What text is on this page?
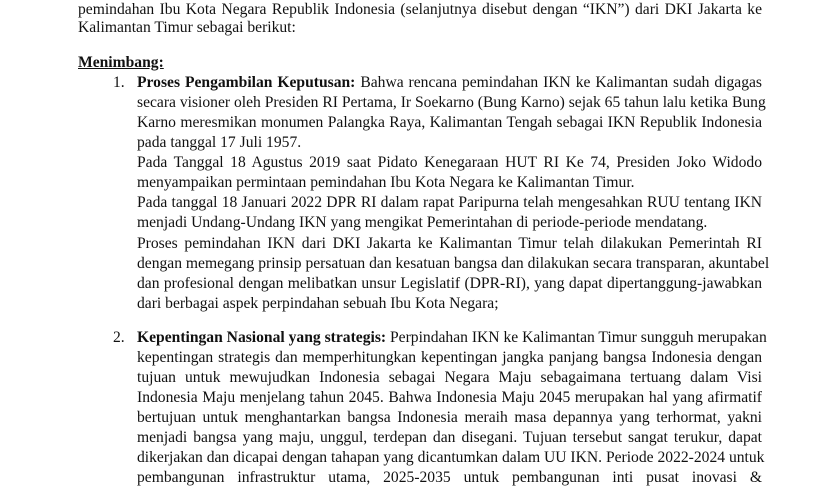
pemindahan Ibu Kota Negara Republik Indonesia (selanjutnya disebut dengan “IKN”) dari DKI Jakarta ke
Kalimantan Timur sebagai berikut:
Menimbang:
1. Proses Pengambilan Keputusan: Bahwa rencana pemindahan IKN ke Kalimantan sudah digagas
secara visioner oleh Presiden RI Pertama, Ir Soekarno (Bung Karno) sejak 65 tahun lalu ketika Bung
Karno meresmikan monumen Palangka Raya, Kalimantan Tengah sebagai IKN Republik Indonesia
pada tanggal 17 Juli 1957.
Pada Tanggal 18 Agustus 2019 saat Pidato Kenegaraan HUT RI Ke 74, Presiden Joko Widodo
menyampaikan permintaan pemindahan Ibu Kota Negara ke Kalimantan Timur.
Pada tanggal 18 Januari 2022 DPR RI dalam rapat Paripurna telah mengesahkan RUU tentang IKN
menjadi Undang-Undang IKN yang mengikat Pemerintahan di periode-periode mendatang.
Proses pemindahan IKN dari DKI Jakarta ke Kalimantan Timur telah dilakukan Pemerintah RI
dengan memegang prinsip persatuan dan kesatuan bangsa dan dilakukan secara transparan, akuntabel
dan profesional dengan melibatkan unsur Legislatif (DPR-RI), yang dapat dipertanggung-jawabkan
dari berbagai aspek perpindahan sebuah Ibu Kota Negara;
2. Kepentingan Nasional yang strategis: Perpindahan IKN ke Kalimantan Timur sungguh merupakan
kepentingan strategis dan memperhitungkan kepentingan jangka panjang bangsa Indonesia dengan
tujuan untuk mewujudkan Indonesia sebagai Negara Maju sebagaimana tertuang dalam Visi
Indonesia Maju menjelang tahun 2045. Bahwa Indonesia Maju 2045 merupakan hal yang afirmatif
bertujuan untuk menghantarkan bangsa Indonesia meraih masa depannya yang terhormat, yakni
menjadi bangsa yang maju, unggul, terdepan dan disegani. Tujuan tersebut sangat terukur, dapat
dikerjakan dan dicapai dengan tahapan yang dicantumkan dalam UU IKN. Periode 2022-2024 untuk
pembangunan infrastruktur utama, 2025-2035 untuk pembangunan inti pusat inovasi &
